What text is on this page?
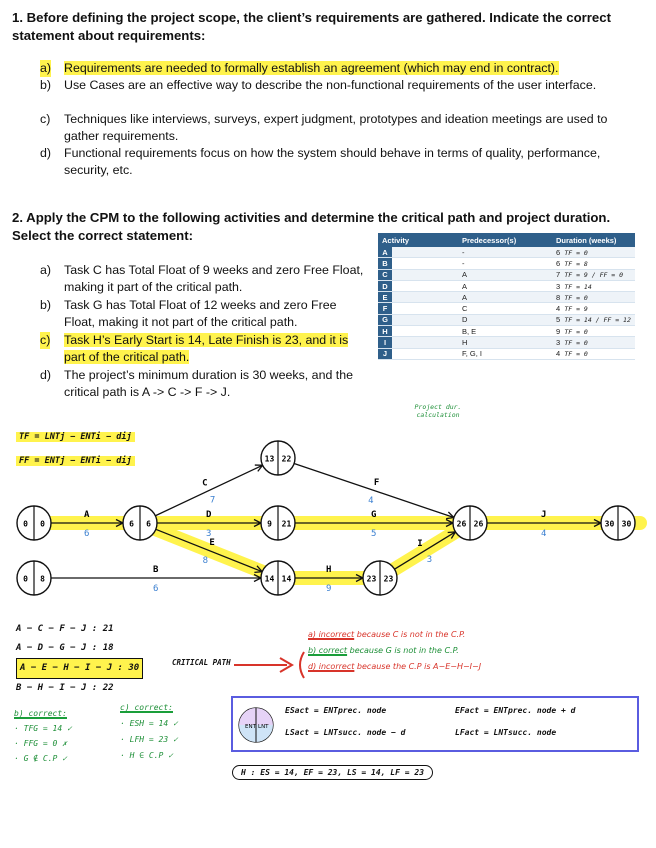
1. Before defining the project scope, the client’s requirements are gathered. Indicate the correct statement about requirements:
a) Requirements are needed to formally establish an agreement (which may end in contract).
b) Use Cases are an effective way to describe the non-functional requirements of the user interface.
c) Techniques like interviews, surveys, expert judgment, prototypes and ideation meetings are used to gather requirements.
d) Functional requirements focus on how the system should behave in terms of quality, performance, security, etc.
2. Apply the CPM to the following activities and determine the critical path and project duration.
Select the correct statement:
a) Task C has Total Float of 9 weeks and zero Free Float, making it part of the critical path.
b) Task G has Total Float of 12 weeks and zero Free Float, making it not part of the critical path.
c) Task H’s Early Start is 14, Late Finish is 23, and it is part of the critical path.
d) The project’s minimum duration is 30 weeks, and the critical path is A -> C -> F -> J.
Activity		Predecessor(s)	Duration (weeks)
A		-	6 TF = 0
B		-	6 TF = 8
C		A	7 TF = 9 / FF = 0
D		A	3 TF = 14
E		A	8 TF = 0
F		C	4 TF = 9
G		D	5 TF = 14 / FF = 12
H		B, E	9 TF = 0
I		H	3 TF = 0
J		F, G, I	4 TF = 0
Project dur. calculation
TF = LNTj − ENTi − dij
FF = ENTj − ENTi − dij
0 0	6 6
13 22
9 21
14 14	23 23
26 26	30 30
0 8
A
6
C
7
D
3
E
8
F
4
G
5
H
9
I
3
J
4
B
6
A − C − F − J : 21
A − D − G − J : 18
A − E − H − I − J : 30
B − H − I − J : 22
CRITICAL PATH
a) incorrect because C is not in the C.P.
b) correct because G is not in the C.P.
d) incorrect because the C.P is A−E−H−I−J
b) correct:
· TFG = 14 ✓
· FFG = 0 ✗
· G ∉ C.P ✓
c) correct:
· ESH = 14 ✓
· LFH = 23 ✓
· H ∈ C.P ✓
ENT LNT
ESact = ENTprec. node
LSact = LNTsucc. node − d
EFact = ENTprec. node + d
LFact = LNTsucc. node
H : ES = 14, EF = 23, LS = 14, LF = 23
